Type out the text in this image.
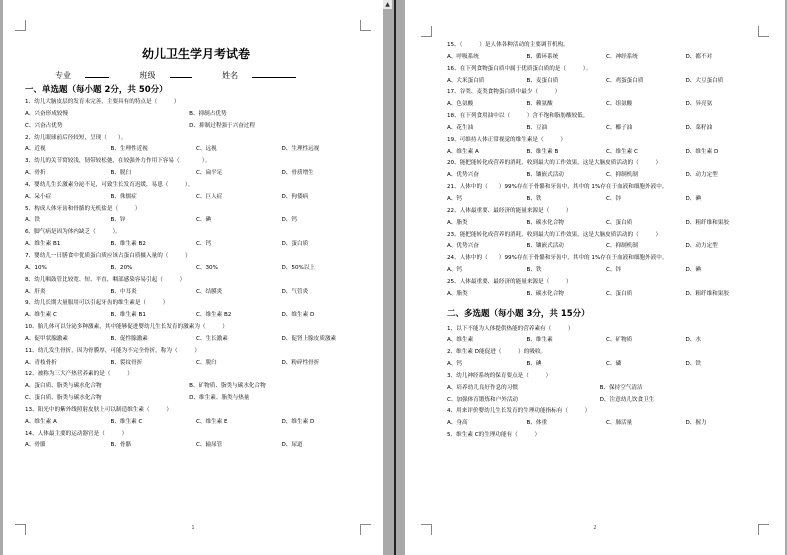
幼儿卫生学月考试卷
专业	班级	姓名
一、单选题（每小题 2分，共 50分）
1、幼儿大脑皮层的发育未完善，主要具有的特点是（　　　）
A、兴奋形成较慢	B、抑制占优势
C、兴奋占优势	D、抑制过程强于兴奋过程
2、幼儿眼球前后径较短，呈现（　　）。
A、近视	B、生理性近视	C、远视	D、生理性远视
3、幼儿的关节窝较浅，韧带较松弛，在较强外力作用下容易（　　　　）。
A、骨折	B、脱臼	C、扁平足	D、骨质增生
4、婴幼儿生长激素分泌不足，可致生长发育迟缓，易患（　　　）。
A、呆小症	B、侏儒症	C、巨人症	D、佝偻病
5、构成人体牙齿和骨骼的无机盐是（　　　）
A、铁	B、锌	C、碘	D、钙
6、脚气病是因为体内缺乏（　　　）。
A、维生素 B1	B、维生素 B2	C、钙	D、蛋白质
7、婴幼儿一日膳食中优质蛋白质应该占蛋白质摄入量的（　　　）
A、10%	B、20%	C、30%	D、50%以上
8、幼儿咽鼓管比较宽、短、平直，咽部感染容易引起（　　　）
A、肝炎	B、中耳炎	C、结膜炎	D、气管炎
9、幼儿长期大量服用可以引起牙齿的维生素是（　　　）
A、维生素 C	B、维生素 B1	C、维生素 B2	D、维生素 D
10、胎儿体可以分泌多种激素，其中能够促进婴幼儿生长发育的激素为（　　　）
A、促甲状腺激素	B、促性腺激素	C、生长激素	D、促肾上腺皮质激素
11、幼儿发生骨折，因为骨膜厚，可能为不完全骨折，称为（　　　）
A、青枝骨折	B、裂纹骨折	C、脱臼	D、粉碎性骨折
12、被称为三大产热营养素的是（　　　）
A、蛋白质、脂类与碳水化合物	B、矿物质、脂类与碳水化合物
C、蛋白质、脂类与碳水化合物	D、维生素、脂类与热量
13、阳光中的紫外线照射皮肤上可以制造维生素（　　　）
A、维生素 A	B、维生素 C	C、维生素 E	D、维生素 D
14、人体最主要的运动器官是（　　　）
A、骨骼	B、骨骼	C、输尿管	D、尿道
1
▲
15、（　　　）是人体各种活动的主要调节机构。
A、呼吸系统	B、循环系统	C、神经系统	D、都不对
16、在下列食物蛋白质中属于优质蛋白质的是（　　　）。
A、大米蛋白质	B、麦蛋白质	C、鸡蛋蛋白质	D、大豆蛋白质
17、谷类、麦类食物蛋白质中最少（　　　）
A、色氨酸	B、赖氨酸	C、组氨酸	D、异亮氨
18、在下列食用油中以（　　　）含不饱和脂肪酸较低。
A、花生油	B、豆油	C、椰子油	D、菜籽油
19、可维持人体正常视觉的维生素是（　　　）
A、维生素 A	B、维生素 B	C、维生素 C	D、维生素 D
20、能把能转化成营养的消耗，收到最大的工作效果，这是大脑皮质活动的（　　　）
A、优势兴奋	B、镶嵌式活动	C、抑制机制	D、动力定型
21、人体中的（　　）99%存在于骨骼和牙齿中，其中的 1%存在于血液和细胞外液中。
A、钙	B、铁	C、锌	D、碘
22、人体最重要、最经济的能量来源是（　　　）
A、脂类	B、碳水化合物	C、蛋白质	D、粗纤维和果胶
23、能把能转化成营养的消耗，收到最大的工作效果，这是大脑皮质活动的（　　　）
A、优势兴奋	B、镶嵌式活动	C、抑制机制	D、动力定型
24、人体中的（　　）99%存在于骨骼和牙齿中，其中的 1%存在于血液和细胞外液中。
A、钙	B、铁	C、锌	D、碘
25、人体最重要、最经济的能量来源是（　　　）
A、脂类	B、碳水化合物	C、蛋白质	D、粗纤维和果胶
二、多选题（每小题 3分，共 15分）
1、以下不能为人体提供热能的营养素有（　　　）
A、维生素	B、维生素	C、矿物质	D、水
2、维生素 D能促进（　　　）的吸收。
A、钙	B、碘	C、磷	D、铁
3、幼儿神经系统的保育要点是（　　　）
A、培养幼儿良好作息的习惯	B、保持空气清洁
C、加强体育锻炼和户外活动	D、注意幼儿饮食卫生
4、用来评价婴幼儿生长发育的生理功能指标有（　　　）
A、身高	B、体重	C、肺活量	D、握力
5、维生素 C的生理功能有（　　　）
2
